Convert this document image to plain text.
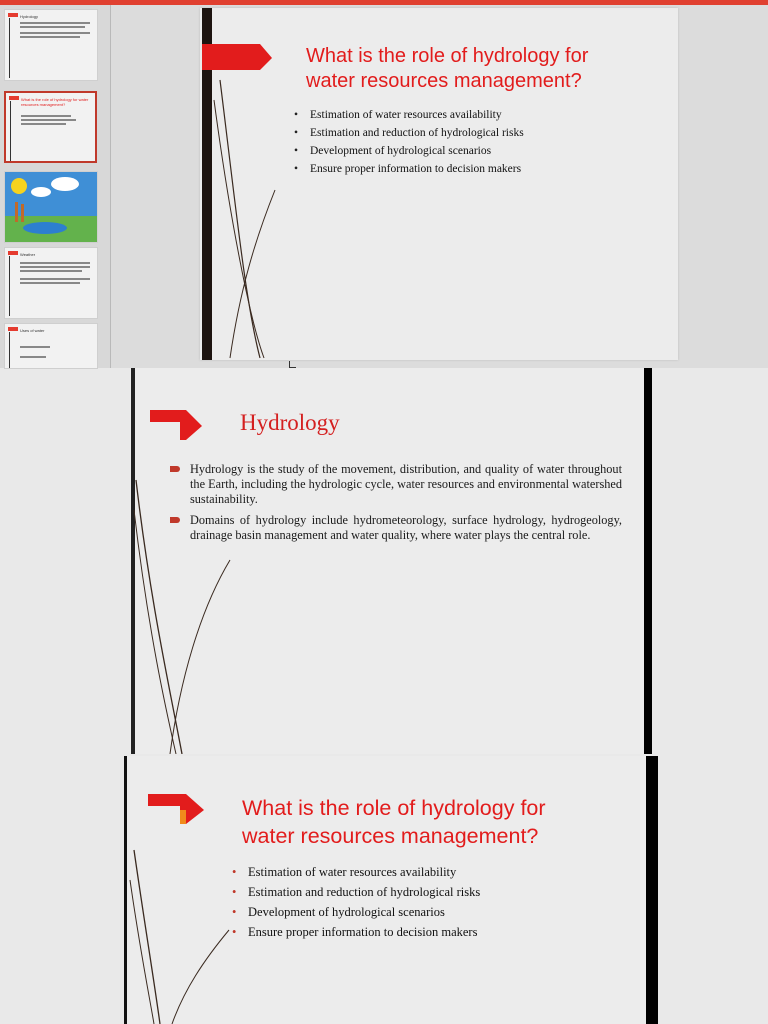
Hydrology
What is the role of hydrology for water resources management?
Weather
Uses of water
What is the role of hydrology for
water resources management?
• Estimation of water resources availability
• Estimation and reduction of hydrological risks
• Development of hydrological scenarios
• Ensure proper information to decision makers
Hydrology
Hydrology is the study of the movement, distribution, and quality of water throughout the Earth, including the hydrologic cycle, water resources and environmental watershed sustainability.
Domains of hydrology include hydrometeorology, surface hydrology, hydrogeology, drainage basin management and water quality, where water plays the central role.
What is the role of hydrology for
water resources management?
• Estimation of water resources availability
• Estimation and reduction of hydrological risks
• Development of hydrological scenarios
• Ensure proper information to decision makers
